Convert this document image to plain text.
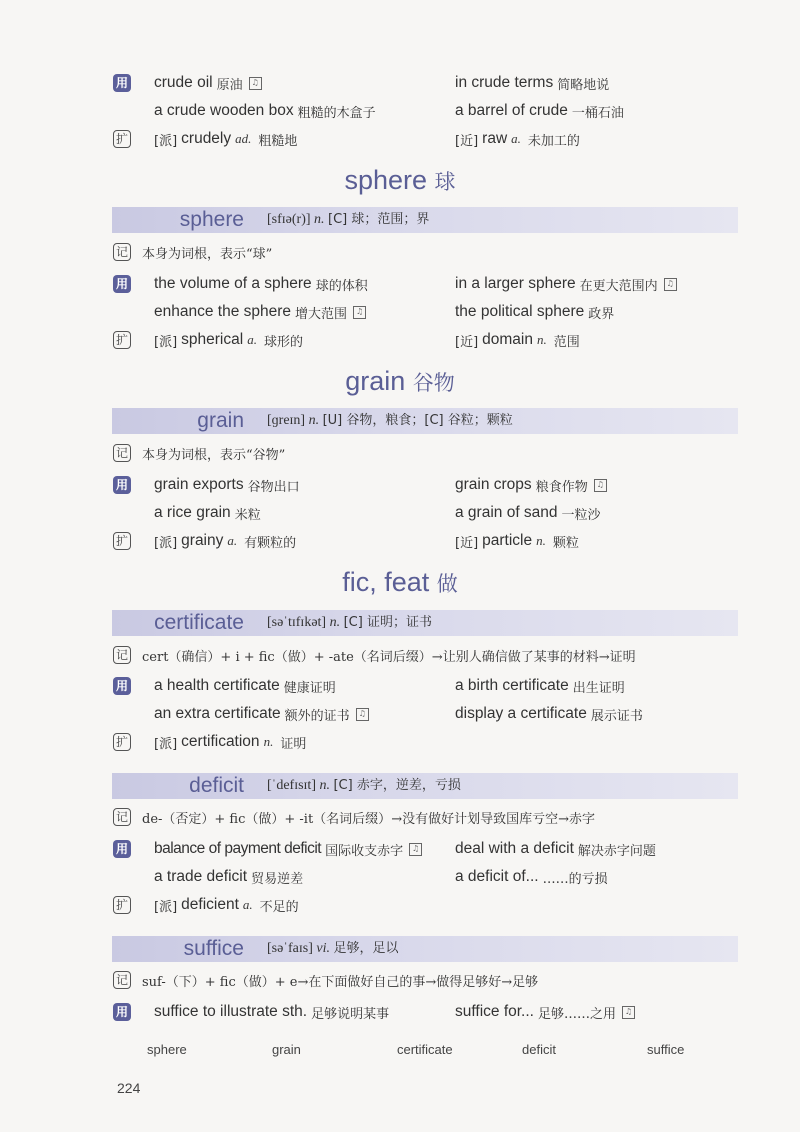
用 crude oil 原油	♫	in crude terms 简略地说
a crude wooden box 粗糙的木盒子	a barrel of crude 一桶石油
扩 [派] crudely ad. 粗糙地	[近] raw a. 未加工的
sphere 球
sphere [sfɪə(r)] n. [C] 球；范围；界
记 本身为词根，表示“球”
用 the volume of a sphere 球的体积	in a larger sphere 在更大范围内	♫
enhance the sphere 增大范围	♫	the political sphere 政界
扩 [派] spherical a. 球形的	[近] domain n. 范围
grain 谷物
grain [ɡreɪn] n. [U] 谷物，粮食；[C] 谷粒；颗粒
记 本身为词根，表示“谷物”
用 grain exports 谷物出口	grain crops 粮食作物	♫
a rice grain 米粒	a grain of sand 一粒沙
扩 [派] grainy a. 有颗粒的	[近] particle n. 颗粒
fic, feat 做
certificate [səˈtɪfɪkət] n. [C] 证明；证书
记 cert（确信）+ i + fic（做）+ -ate（名词后缀） →让别人确信做了某事的材料→证明
用 a health certificate 健康证明	a birth certificate 出生证明
an extra certificate 额外的证书	♫	display a certificate 展示证书
扩 [派] certification n. 证明
deficit [ˈdefɪsɪt] n. [C] 赤字，逆差，亏损
记 de-（否定）+ fic（做）+ -it（名词后缀） →没有做好计划导致国库亏空→赤字
用 balance of payment deficit 国际收支赤字	♫ deal with a deficit 解决赤字问题
a trade deficit 贸易逆差	a deficit of... ……的亏损
扩 [派] deficient a. 不足的
suffice [səˈfaɪs] vi. 足够，足以
记 suf-（下）+ fic（做）+ e →在下面做好自己的事→做得足够好→足够
用 suffice to illustrate sth. 足够说明某事	suffice for... 足够……之用	♫
sphere	grain	certificate	deficit	suffice
224
